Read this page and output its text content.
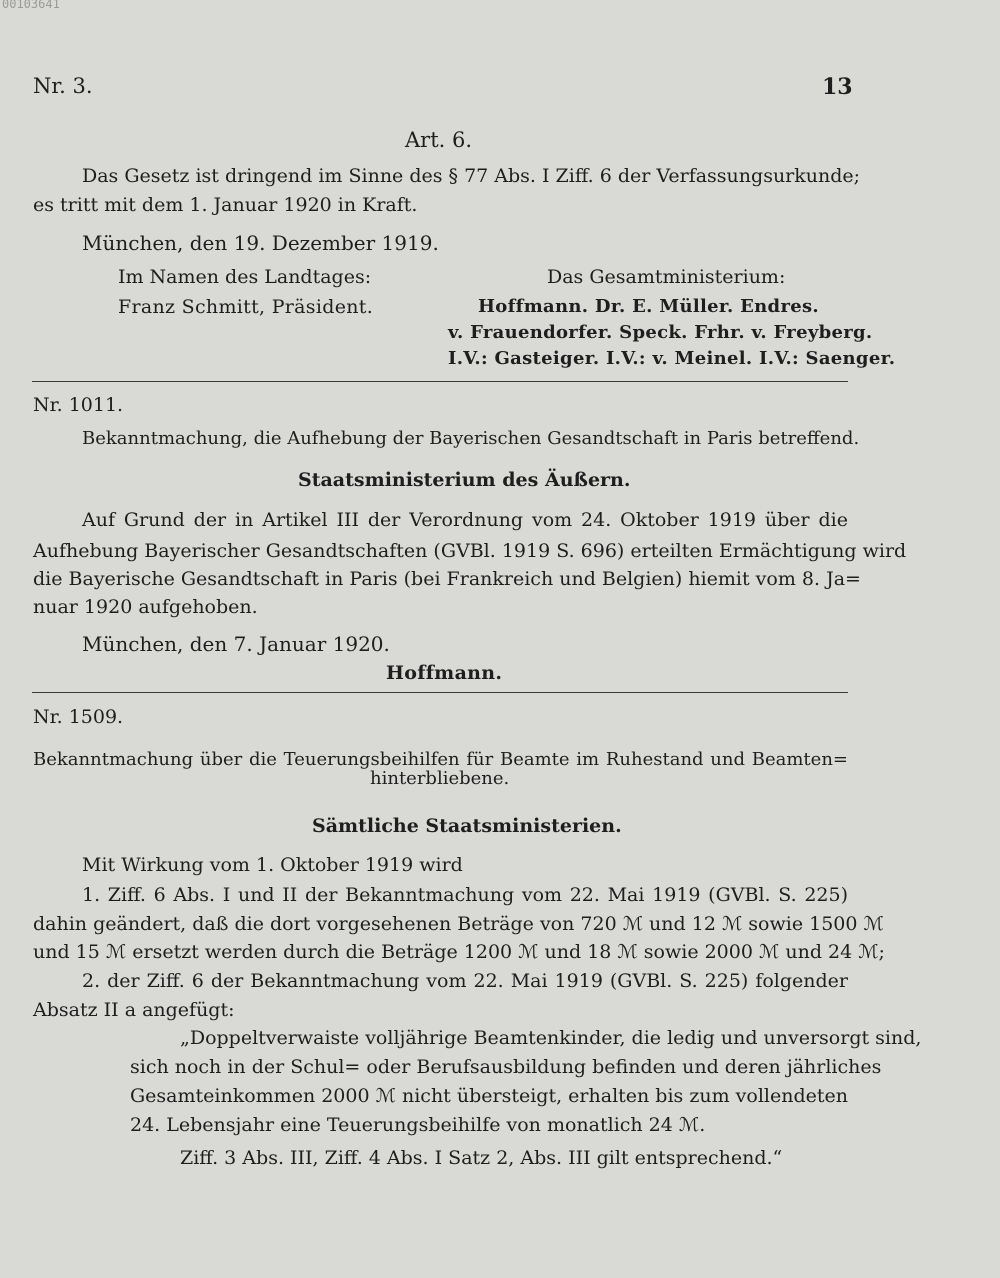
00103641
Nr. 3.	13
Art. 6.
Das Gesetz ist dringend im Sinne des § 77 Abs. I Ziff. 6 der Verfassungsurkunde;
es tritt mit dem 1. Januar 1920 in Kraft.
München, den 19. Dezember 1919.
Im Namen des Landtages:
Franz Schmitt, Präsident.
Das Gesamtministerium:
Hoffmann. Dr. E. Müller. Endres.
v. Frauendorfer. Speck. Frhr. v. Freyberg.
I.V.: Gasteiger. I.V.: v. Meinel. I.V.: Saenger.
Nr. 1011.
Bekanntmachung, die Aufhebung der Bayerischen Gesandtschaft in Paris betreffend.
Staatsministerium des Äußern.
Auf Grund der in Artikel III der Verordnung vom 24. Oktober 1919 über die
Aufhebung Bayerischer Gesandtschaften (GVBl. 1919 S. 696) erteilten Ermächtigung wird
die Bayerische Gesandtschaft in Paris (bei Frankreich und Belgien) hiemit vom 8. Ja=
nuar 1920 aufgehoben.
München, den 7. Januar 1920.
Hoffmann.
Nr. 1509.
Bekanntmachung über die Teuerungsbeihilfen für Beamte im Ruhestand und Beamten=
hinterbliebene.
Sämtliche Staatsministerien.
Mit Wirkung vom 1. Oktober 1919 wird
1. Ziff. 6 Abs. I und II der Bekanntmachung vom 22. Mai 1919 (GVBl. S. 225)
dahin geändert, daß die dort vorgesehenen Beträge von 720 ℳ und 12 ℳ sowie 1500 ℳ
und 15 ℳ ersetzt werden durch die Beträge 1200 ℳ und 18 ℳ sowie 2000 ℳ und 24 ℳ;
2. der Ziff. 6 der Bekanntmachung vom 22. Mai 1919 (GVBl. S. 225) folgender
Absatz II a angefügt:
„Doppeltverwaiste volljährige Beamtenkinder, die ledig und unversorgt sind,
sich noch in der Schul= oder Berufsausbildung befinden und deren jährliches
Gesamteinkommen 2000 ℳ nicht übersteigt, erhalten bis zum vollendeten
24. Lebensjahr eine Teuerungsbeihilfe von monatlich 24 ℳ.
Ziff. 3 Abs. III, Ziff. 4 Abs. I Satz 2, Abs. III gilt entsprechend.“
